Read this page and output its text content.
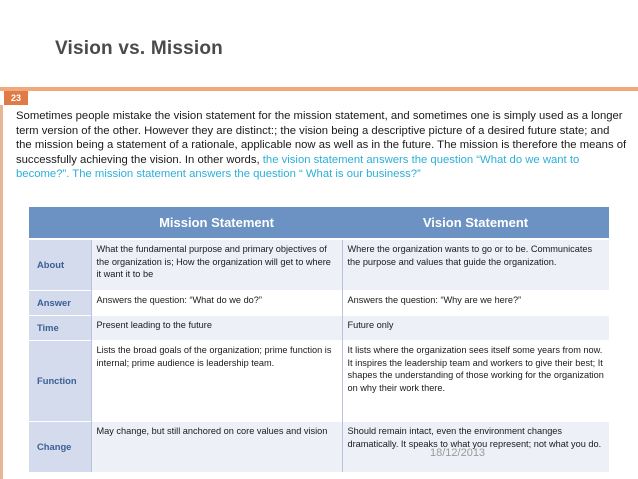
Vision vs. Mission
23
Sometimes people mistake the vision statement for the mission statement, and sometimes one is simply used as a longer term version of the other. However they are distinct:; the vision being a descriptive picture of a desired future state; and the mission being a statement of a rationale, applicable now as well as in the future. The mission is therefore the means of successfully achieving the vision. In other words, the vision statement answers the question “What do we want to become?”. The mission statement answers the question “ What is our business?”
	Mission Statement	Vision Statement
About	What the fundamental purpose and primary objectives of the organization is; How the organization will get to where it want it to be	Where the organization wants to go or to be. Communicates the purpose and values that guide the organization.
Answer	Answers the question: “What do we do?”	Answers the question: “Why are we here?”
Time	Present leading to the future	Future only
Function	Lists the broad goals of the organization; prime function is internal; prime audience is leadership team.	It lists where the organization sees itself some years from now. It inspires the leadership team and workers to give their best; It shapes the understanding of those working for the organization on why their work there.
Change	May change, but still anchored on core values and vision	Should remain intact, even the environment changes dramatically. It speaks to what you represent; not what you do.
18/12/2013
